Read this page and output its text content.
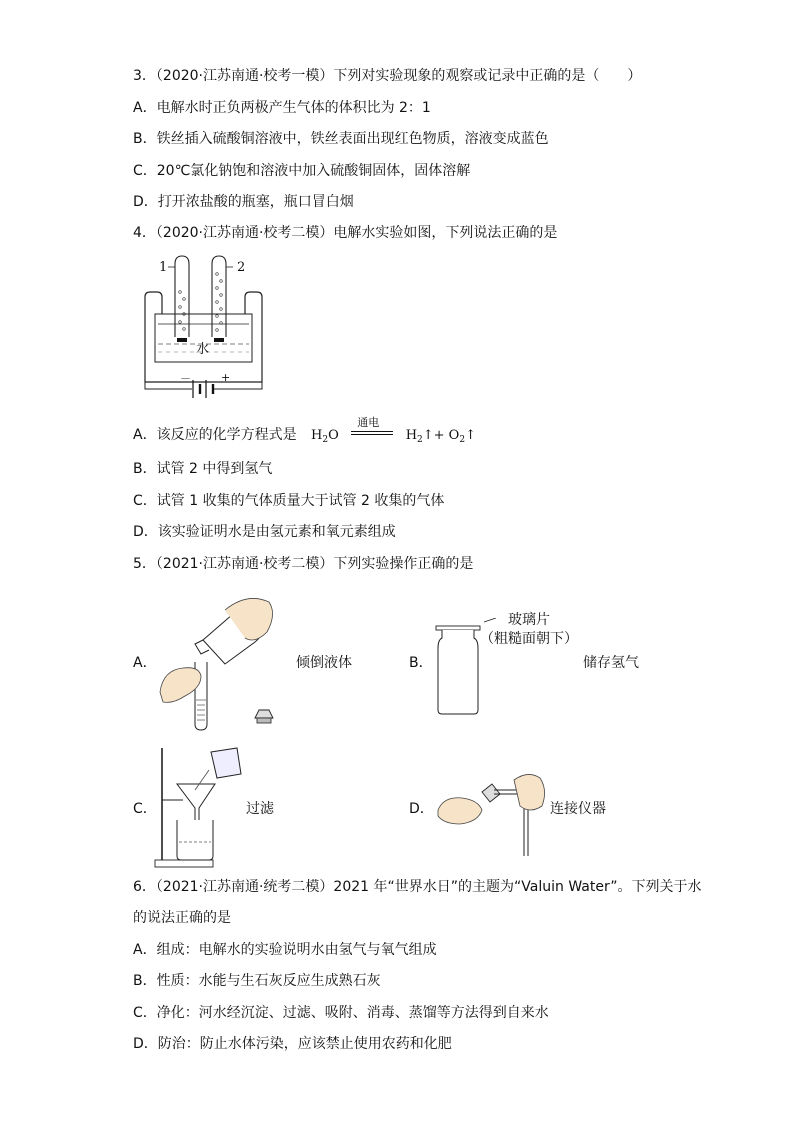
3．（2020·江苏南通·校考一模）下列对实验现象的观察或记录中正确的是（　　）
A．电解水时正负两极产生气体的体积比为 2：1
B．铁丝插入硫酸铜溶液中，铁丝表面出现红色物质，溶液变成蓝色
C．20℃氯化钠饱和溶液中加入硫酸铜固体，固体溶解
D．打开浓盐酸的瓶塞，瓶口冒白烟
4．（2020·江苏南通·校考二模）电解水实验如图，下列说法正确的是
1	2
水
－	+
A．该反应的化学方程式是 $H_2O$
通电
$H_2↑+$ $O_2↑$
B．试管 2 中得到氢气
C．试管 1 收集的气体质量大于试管 2 收集的气体
D．该实验证明水是由氢元素和氧元素组成
5．（2021·江苏南通·校考二模）下列实验操作正确的是
A．	倾倒液体	B．
玻璃片
（粗糙面朝下）
储存氢气
C．	过滤	D．	连接仪器
6．（2021·江苏南通·统考二模）2021 年“世界水日”的主题为“Valuin Water”。下列关于水
的说法正确的是
A．组成：电解水的实验说明水由氢气与氧气组成
B．性质：水能与生石灰反应生成熟石灰
C．净化：河水经沉淀、过滤、吸附、消毒、蒸馏等方法得到自来水
D．防治：防止水体污染，应该禁止使用农药和化肥
